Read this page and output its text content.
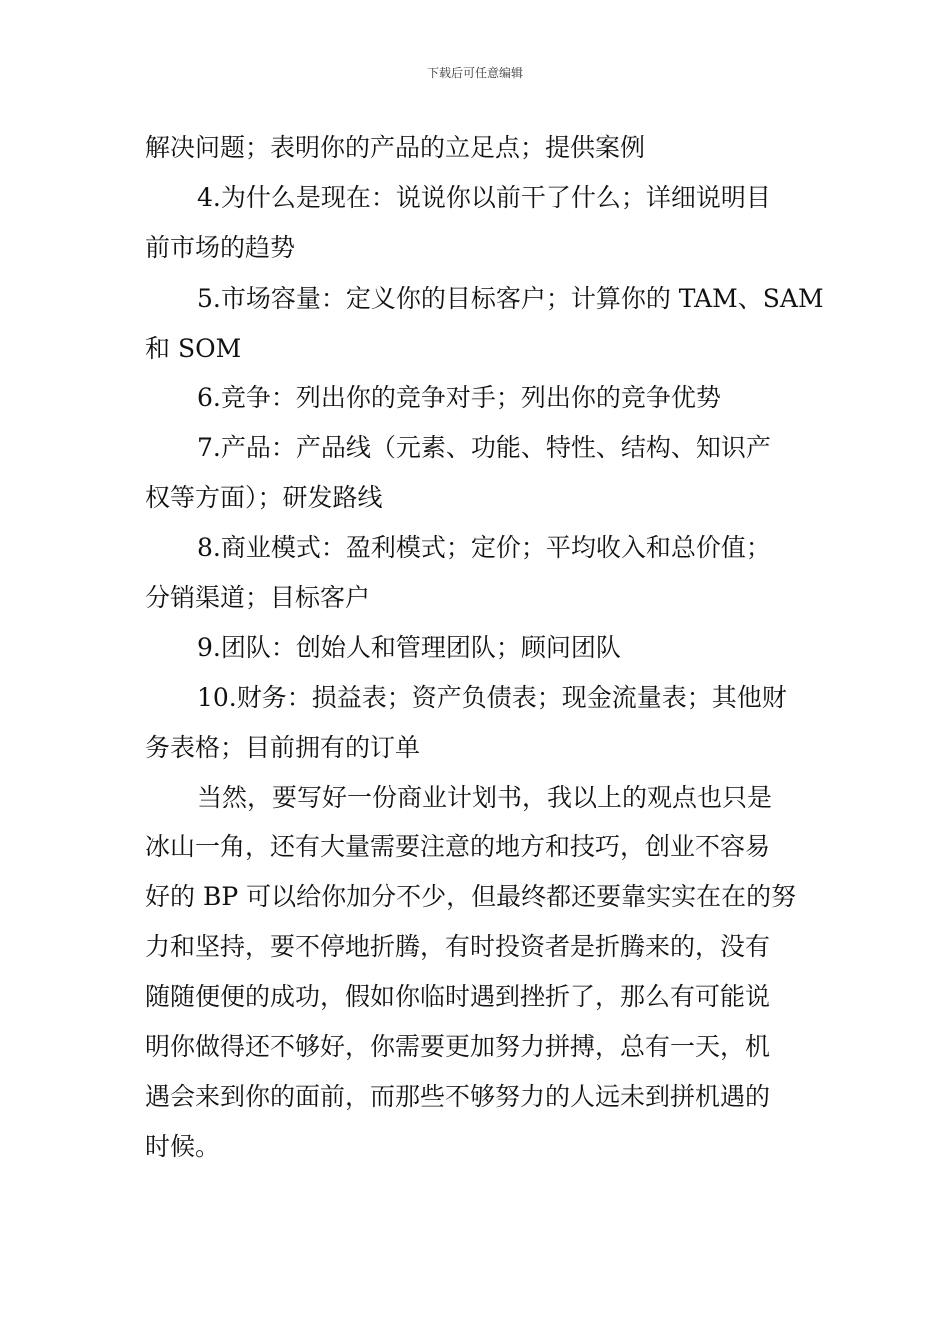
下载后可任意编辑
解决问题；表明你的产品的立足点；提供案例
4.为什么是现在：说说你以前干了什么；详细说明目
前市场的趋势
5.市场容量：定义你的目标客户；计算你的 TAM、SAM
和 SOM
6.竞争：列出你的竞争对手；列出你的竞争优势
7.产品：产品线（元素、功能、特性、结构、知识产
权等方面）；研发路线
8.商业模式：盈利模式；定价；平均收入和总价值；
分销渠道；目标客户
9.团队：创始人和管理团队；顾问团队
10.财务：损益表；资产负债表；现金流量表；其他财
务表格；目前拥有的订单
当然，要写好一份商业计划书，我以上的观点也只是
冰山一角，还有大量需要注意的地方和技巧，创业不容易
好的 BP 可以给你加分不少，但最终都还要靠实实在在的努
力和坚持，要不停地折腾，有时投资者是折腾来的，没有
随随便便的成功，假如你临时遇到挫折了，那么有可能说
明你做得还不够好，你需要更加努力拼搏，总有一天，机
遇会来到你的面前，而那些不够努力的人远未到拼机遇的
时候。
